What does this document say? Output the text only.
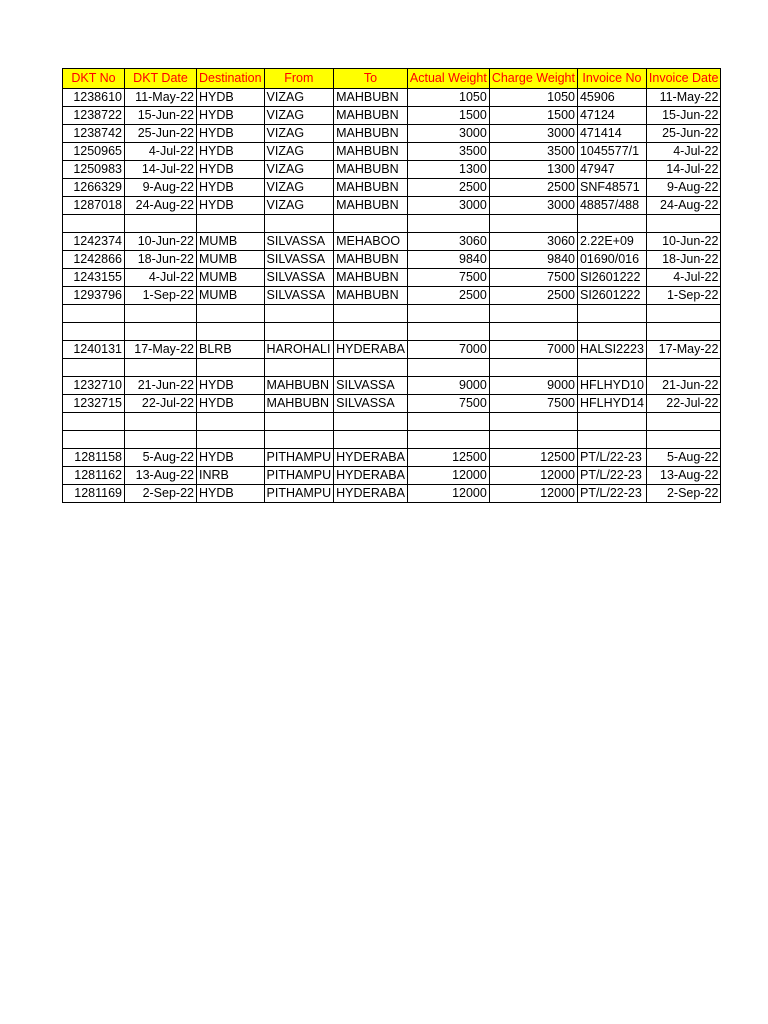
DKT No	DKT Date	Destination	From	To	Actual Weight	Charge Weight	Invoice No	Invoice Date
1238610	11-May-22	HYDB	VIZAG	MAHBUBN	1050	1050	45906	11-May-22
1238722	15-Jun-22	HYDB	VIZAG	MAHBUBN	1500	1500	47124	15-Jun-22
1238742	25-Jun-22	HYDB	VIZAG	MAHBUBN	3000	3000	471414	25-Jun-22
1250965	4-Jul-22	HYDB	VIZAG	MAHBUBN	3500	3500	1045577/1	4-Jul-22
1250983	14-Jul-22	HYDB	VIZAG	MAHBUBN	1300	1300	47947	14-Jul-22
1266329	9-Aug-22	HYDB	VIZAG	MAHBUBN	2500	2500	SNF48571	9-Aug-22
1287018	24-Aug-22	HYDB	VIZAG	MAHBUBN	3000	3000	48857/488	24-Aug-22

1242374	10-Jun-22	MUMB	SILVASSA	MEHABOO	3060	3060	2.22E+09	10-Jun-22
1242866	18-Jun-22	MUMB	SILVASSA	MAHBUBN	9840	9840	01690/016	18-Jun-22
1243155	4-Jul-22	MUMB	SILVASSA	MAHBUBN	7500	7500	SI2601222	4-Jul-22
1293796	1-Sep-22	MUMB	SILVASSA	MAHBUBN	2500	2500	SI2601222	1-Sep-22

1240131	17-May-22	BLRB	HAROHALI	HYDERABA	7000	7000	HALSI2223	17-May-22

1232710	21-Jun-22	HYDB	MAHBUBN	SILVASSA	9000	9000	HFLHYD10	21-Jun-22
1232715	22-Jul-22	HYDB	MAHBUBN	SILVASSA	7500	7500	HFLHYD14	22-Jul-22

1281158	5-Aug-22	HYDB	PITHAMPU	HYDERABA	12500	12500	PT/L/22-23	5-Aug-22
1281162	13-Aug-22	INRB	PITHAMPU	HYDERABA	12000	12000	PT/L/22-23	13-Aug-22
1281169	2-Sep-22	HYDB	PITHAMPU	HYDERABA	12000	12000	PT/L/22-23	2-Sep-22
